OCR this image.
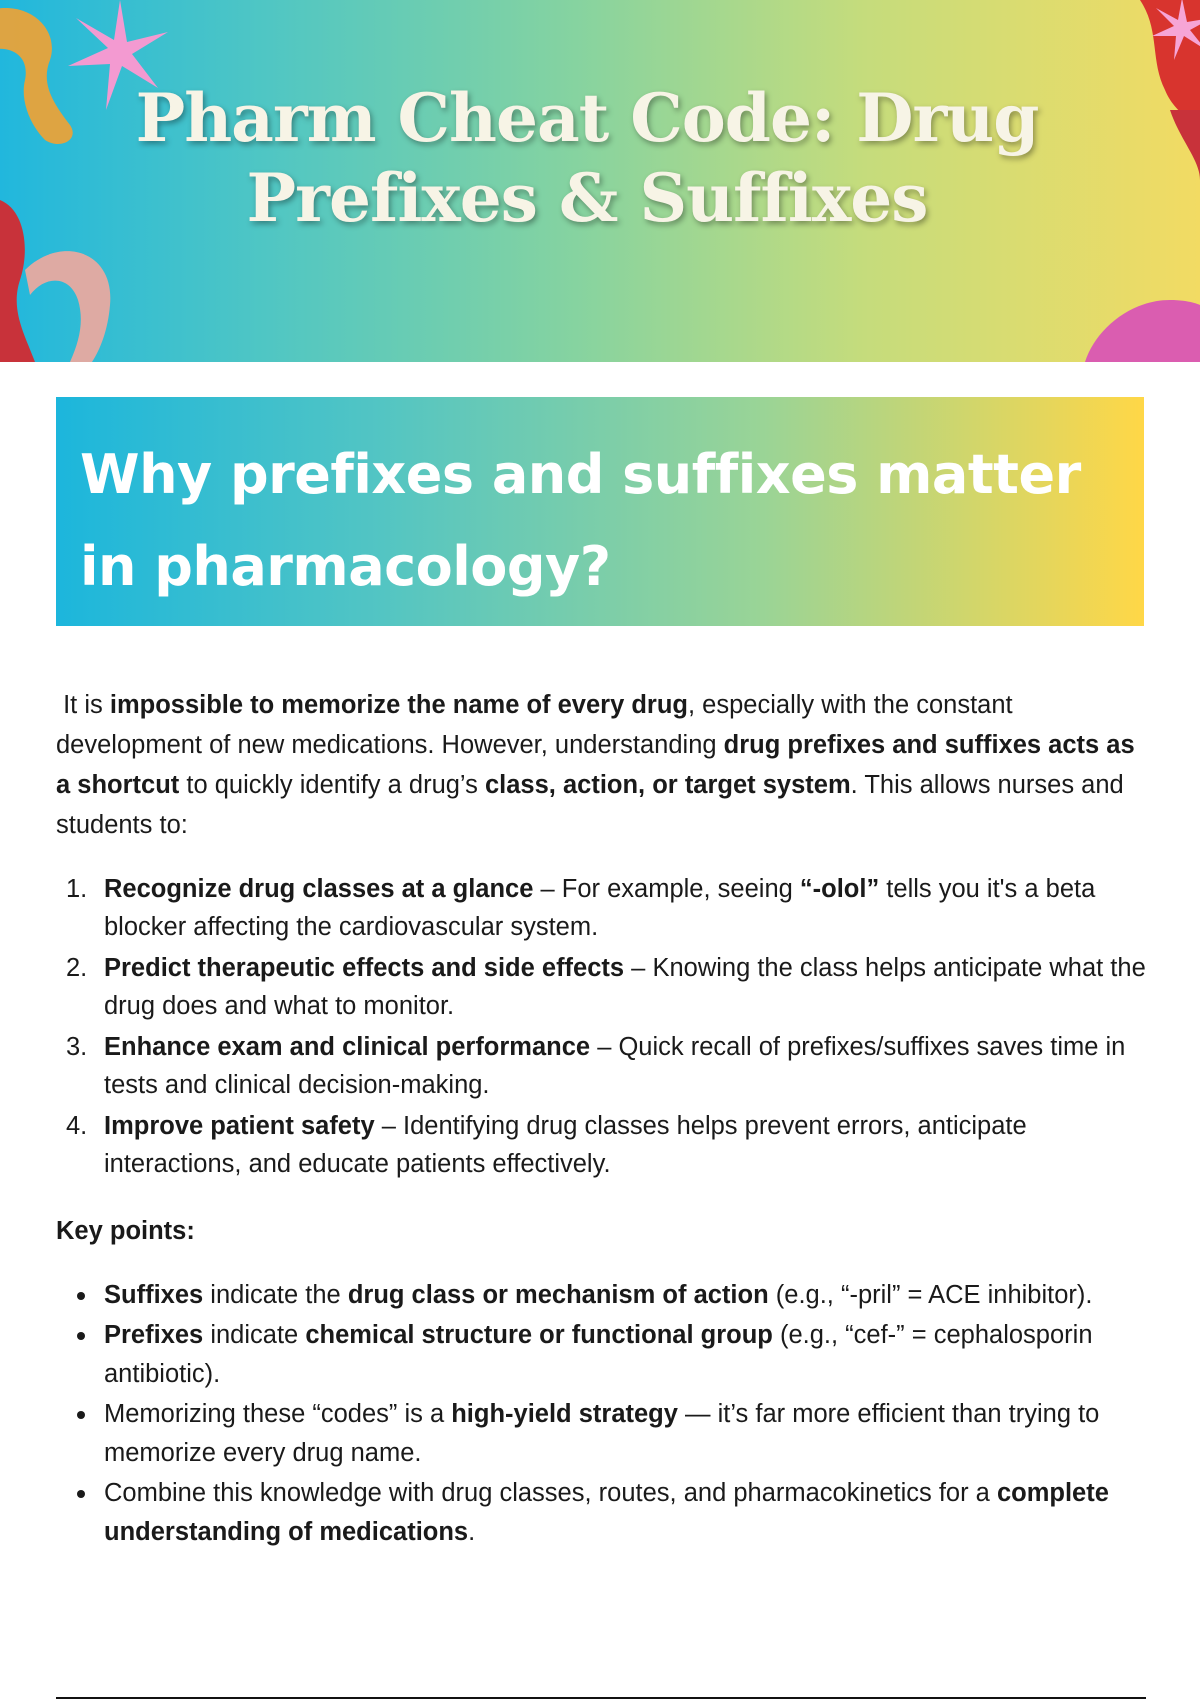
Pharm Cheat Code: Drug
Prefixes & Suffixes
Why prefixes and suffixes matter
in pharmacology?

It is impossible to memorize the name of every drug, especially with the constant development of new medications. However, understanding drug prefixes and suffixes acts as a shortcut to quickly identify a drug’s class, action, or target system. This allows nurses and students to:

1. Recognize drug classes at a glance – For example, seeing “-olol” tells you it's a beta blocker affecting the cardiovascular system.
2. Predict therapeutic effects and side effects – Knowing the class helps anticipate what the drug does and what to monitor.
3. Enhance exam and clinical performance – Quick recall of prefixes/suffixes saves time in tests and clinical decision-making.
4. Improve patient safety – Identifying drug classes helps prevent errors, anticipate interactions, and educate patients effectively.

Key points:

Suffixes indicate the drug class or mechanism of action (e.g., “-pril” = ACE inhibitor).
Prefixes indicate chemical structure or functional group (e.g., “cef-” = cephalosporin antibiotic).
Memorizing these “codes” is a high-yield strategy — it’s far more efficient than trying to memorize every drug name.
Combine this knowledge with drug classes, routes, and pharmacokinetics for a complete understanding of medications.
